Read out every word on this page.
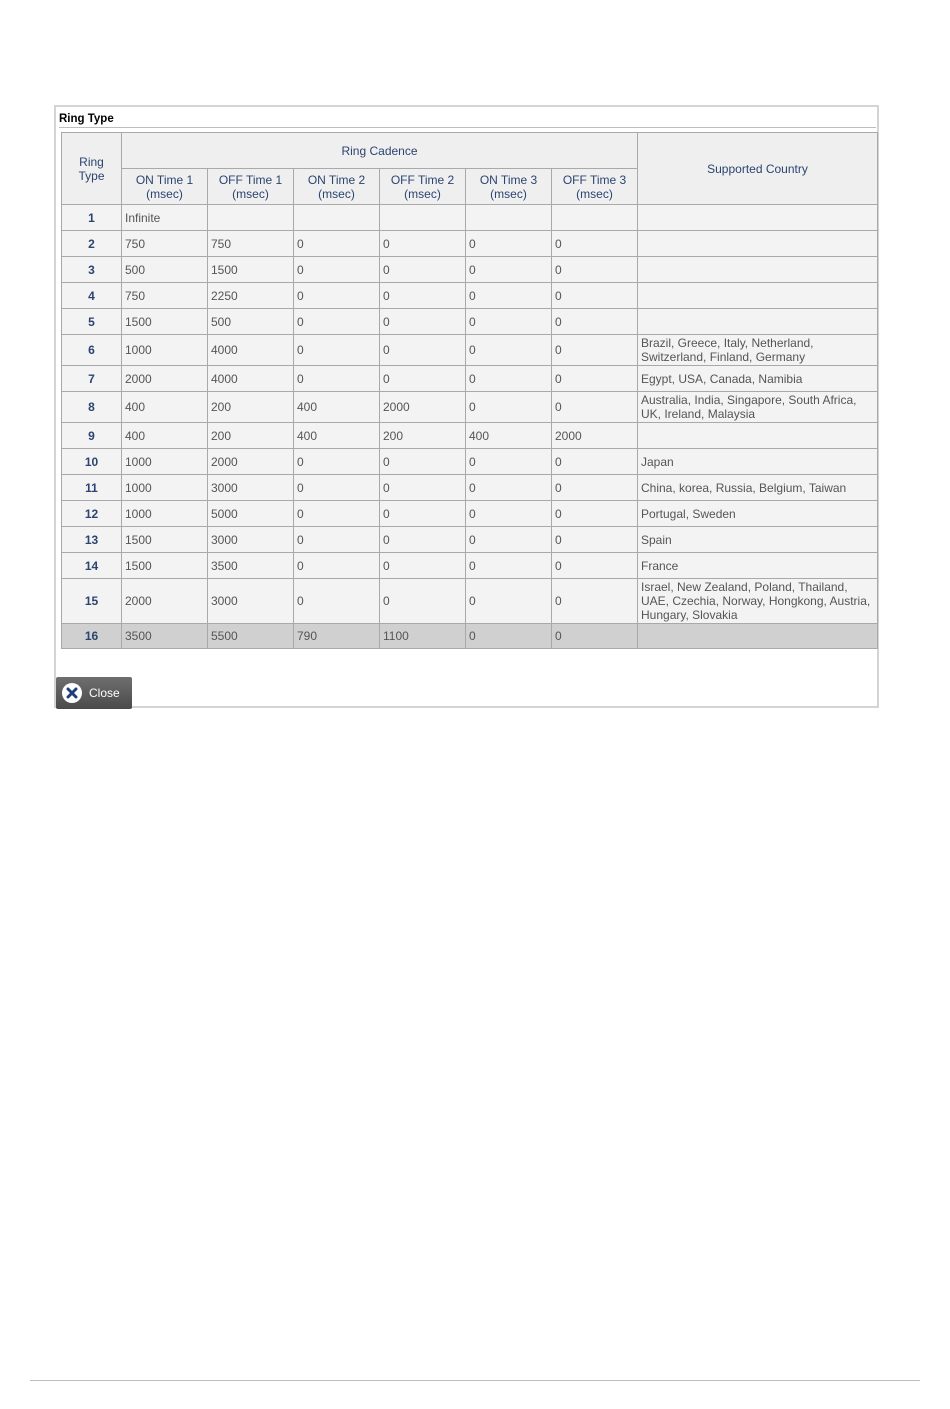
Ring Type
Ring Type	Ring Cadence						Supported Country
	ON Time 1 (msec)	OFF Time 1 (msec)	ON Time 2 (msec)	OFF Time 2 (msec)	ON Time 3 (msec)	OFF Time 3 (msec)	
1	Infinite						
2	750	750	0	0	0	0	
3	500	1500	0	0	0	0	
4	750	2250	0	0	0	0	
5	1500	500	0	0	0	0	
6	1000	4000	0	0	0	0	Brazil, Greece, Italy, Netherland, Switzerland, Finland, Germany
7	2000	4000	0	0	0	0	Egypt, USA, Canada, Namibia
8	400	200	400	2000	0	0	Australia, India, Singapore, South Africa, UK, Ireland, Malaysia
9	400	200	400	200	400	2000	
10	1000	2000	0	0	0	0	Japan
11	1000	3000	0	0	0	0	China, korea, Russia, Belgium, Taiwan
12	1000	5000	0	0	0	0	Portugal, Sweden
13	1500	3000	0	0	0	0	Spain
14	1500	3500	0	0	0	0	France
15	2000	3000	0	0	0	0	Israel, New Zealand, Poland, Thailand, UAE, Czechia, Norway, Hongkong, Austria, Hungary, Slovakia
16	3500	5500	790	1100	0	0	
Close
